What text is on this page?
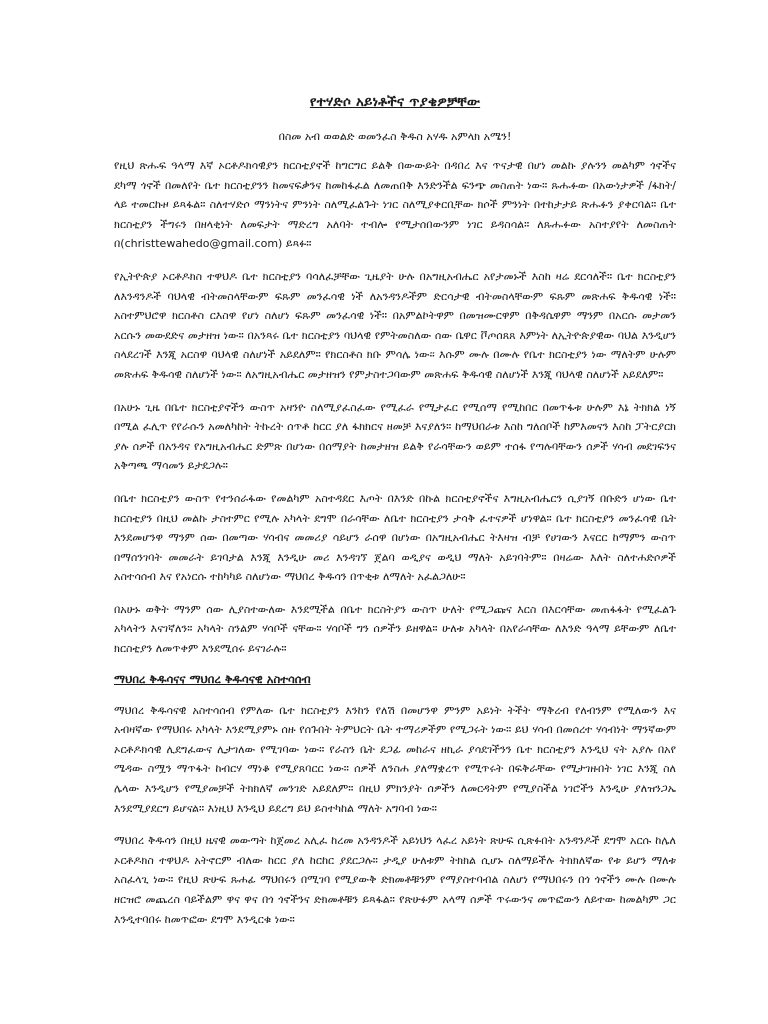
የተሃድሶ አይነቶችና ጥያቄዎቻቸው
በስመ አብ ወወልድ ወመንፈስ ቅዱስ አሃዱ አምላክ አሜን!

የዚህ ጽሑፍ ዓላማ እኛ ኦርቶዶክሳዊያን ክርስቲያኖች ከግርግር ይልቅ በውውይት በዳበረ እና ጥናታዊ በሆነ መልኩ ያሉንን መልካም ጎኖችና ደካማ ጎኖች በመለየት ቤተ ክርስቲያንን ከመናፍቃንና ከመከፋፈል ለመጠበቅ እንድንችል ፍንጭ መስጠት ነው። ጹሑፉው በአውነታዎች /ፋክት/ ላይ ተመርኩዞ ይጻፋል። ስለተሃድሶ ማንነትና ምንነት ስለሚፈልጉት ነገር ስለሚያቀርቢቸው ክሶች ምንነት በተከታታይ ጽሑፉን ያቀርባል። ቤተ ክርስቲያን ችግሩን በዘላቂነት ለመፍታት ማድረግ አለባት ተብሎ የሚታሰበውንም ነገር ይዳስሳል። ለጹሑፉው አስተያየት ለመስጠት በ(christtewahedo@gmail.com) ይጻፉ።

የኢትዮጵያ ኦርቶዶክስ ተዋህዶ ቤተ ክርስቲያን ባሳለፈቻቸው ጊዜያት ሁሉ በአግዚአብሔር አየታመኑች እስከ ዛሬ ደርሳለች። ቤተ ክርስቲያን ለእንዳንዶች ባህላዊ ብትመስላቸውም ፍጹም መንፈሳዊ ነች ለአንዳንዶችም ድርሳታዊ ብትመስላቸውም ፍጹም መጽሐፍ ቅዱሳዊ ነች። አስተምህሮዋ ክርስቶስ ርእስዋ የሆነ ስለሆነ ፍጹም መንፈሳዊ ነች። በአምልኮትዋም በመዝሙርዋም በቅዳሴዋም ማንም በአርሱ መታመን አርሱን መውደድና መታዘዝ ነው። በአንጻሩ ቤተ ክርስቲያን ባህላዊ የምትመስለው ሰው ቤዋር ቮጦሰጸጸ እምነት ለኢትዮጵያዊው ባህል እንዲሆን ስላደረገች እንጂ አርስዋ ባህላዊ ስለሆነች አይደለም። የክርስቶስ ክቡ ምሳሌ ነው፡፡ እሱም ሙሉ በሙሉ የቤተ ክርስቲያን ነው ማለትም ሁሉም መጽሐፍ ቅዱሳዊ ስለሆነች ነው። ለአግዚአብሔር መታዘዝን የምታስተጋባውም መጽሐፍ ቅዱሳዊ ስለሆነች እንጂ ባህላዊ ስለሆነች አይደለም።

በአሁኑ ጊዜ በቤተ ክርስቲያኖችን ውስጥ አዛንዮ ስለሚያፈስፈው የሚፈራ የሚታፈር የሚሰማ የሚከበር በመጥፋቱ ሁሉም እኔ ትክክል ነኝ በሚል ፈሊጥ የየራሱን አመለካከት ትኩረት ሰጥቶ ከርር ያለ ፋክክርና ዘመቻ እናያለን። ከማህበራቱ እስከ ግለሰቦች ከምእመናን እስከ ፓትርያርክ ያሉ ሰዎች በአንዳና የአግዚአብሔር ድምጽ በሆነው በሰማያት ከመታዘዝ ይልቅ የራሳቸውን ወይም ተሰፋ የጣሉባቸውን ሰዎች ሃሳብ መደገፍንና አቅጣጫ ማሳመን ይታደጋሉ።

በቤተ ክርስቲያን ውስጥ የተንሰራፋው የመልካም አስተዳደር እጦት በእንድ በኩል ክርስቲያኖችና እግዚአብሔርን ሲያገኝ በቡድን ሆነው ቤተ ክርስቲያን በዚህ መልኩ ታስተምር የሚሉ አካላት ደግሞ በራሳቸው ለቤተ ክርስቲያን ታሳቅ ፈተናዎች ሆነዋል። ቤተ ክርስቲያን መንፈሳዊ ቤት እንደመሆንዋ ማንም ሰው በመጣው ሃሳብና መመሪያ ሳይሆን ራሰዋ በሆነው በአግዚአብሔር ትእዛዝ ብቻ የሀገውን እናርር ከማምን ውስጥ በማሰንገባት መመራት ይገባታል እንጂ እንዲሁ መሪ እንዳገኘ ጀልባ ወዲያና ወዲህ ማለት አይገባትም። በዛሬው እለት ስለተሐድሶዎች አስተሳሰብ እና የአነርሱ ተከካካይ ስለሆነው ማህበረ ቅዱሳን በጥቂቱ ለማለት አፈልጋለሁ።

በአሁኑ ወቅት ማንም ሰው ሊያስተውለው እንደሚችል በቤተ ክርስትያን ውስጥ ሁለት የሚጋጩና እርስ በእርሳቸው መጠፋፋት የሚፈልጉ አካላትን እናገኛለን። አካላት ስንልም ሃሳቦች ናቸው። ሃሳቦች ግን ሰዎችን ይዘዋል። ሁለቱ አካላት በአየራሳቸው ለእንድ ዓላማ ይቸውም ለቤተ ክርስቲያን ለመጥቀም እንደሚሰሩ ይናገራሉ።

ማህበረ ቅዱሳናና ማህበረ ቅዱሳናዊ አስተሳሰብ

ማህበረ ቅዱሳናዊ አስተሳሰብ የምለው ቤተ ክርስቲያን እንከን የለሽ በመሆንዋ ምንም አይነት ትችት ማቅረብ የለብንም የሚለውን እና አብዛኛው የማህበሩ አካላት እንደሚያምኑ ሰዙ የሰጉበት ትምህርት ቤት ተማሪዎችም የሚጋሩት ነው። ይህ ሃሳብ በመሰረተ ሃሳብነት ማንኛውም ኦርቶዶክሳዊ ሊደግፈውና ሊታገለው የሚገባው ነው። የራስን ቤት ደጋፊ መከራና ዘኪራ ያሳደገችንን ቤተ ክርስቲያን እንዲህ ናት አያሉ በአየ ሜዳው ስሟን ማጥፋት ከብርሃ ማነቆ የሚያጸባርር ነው። ሰዎች ለንስሐ ያለማቋረጥ የሚጥሩት በፍቅራቸው የሚታገዙበት ነገር እንጂ ስለ ሌላው እንዲሆን የሚያመቻች ትክክለኛ መንገድ አይደለም። በዚህ ምክንያት ሰዎችን ለመርዳትም የሚያስችል ነገሮችን እንዲሁ ያለዝንጋኤ እንደሚያደርግ ይሆናል። እነዚህ እንዲህ ይደረግ ይህ ይስተካከል ማለት አግባብ ነው።

ማህበረ ቅዱሳን በዚህ ዜናዊ መውጣት ከጀመረ አሊፈ ከረመ አንዳንዶች አይነህን ላፈረ አይነት ጽሁፍ ሲጽፉበት አንዳንዶች ደግሞ አርሱ ከሌለ ኦርቶዶክስ ተዋህዶ አትኖርም ብለው ከርር ያለ ከርከር ያደርጋሉ። ታዲያ ሁለቱም ትክክል ሲሆኑ ስለማይችሉ ትክክለኛው የቱ ይሆን ማለቱ አስፈላጊ ነው። የዚህ ጽሁፍ ጹሐፊ ማህበሩን በሚገባ የሚያውቅ ድክመቶቹንም የማያስተባብል ስለሆነ የማህበሩን በጎ ጎኖችን ሙሉ በሙሉ ዘርዝሮ መጨረስ ባይችልም ዋና ዋና በጎ ጎኖችንና ድክመቶቹን ይጻፋል። የጽሁፉም አላማ ሰዎች ጥሩውንና መጥፎውን ለይተው ከመልካም ጋር እንዲተባበሩ ከመጥፎው ደግሞ እንዲርቁ ነው።
